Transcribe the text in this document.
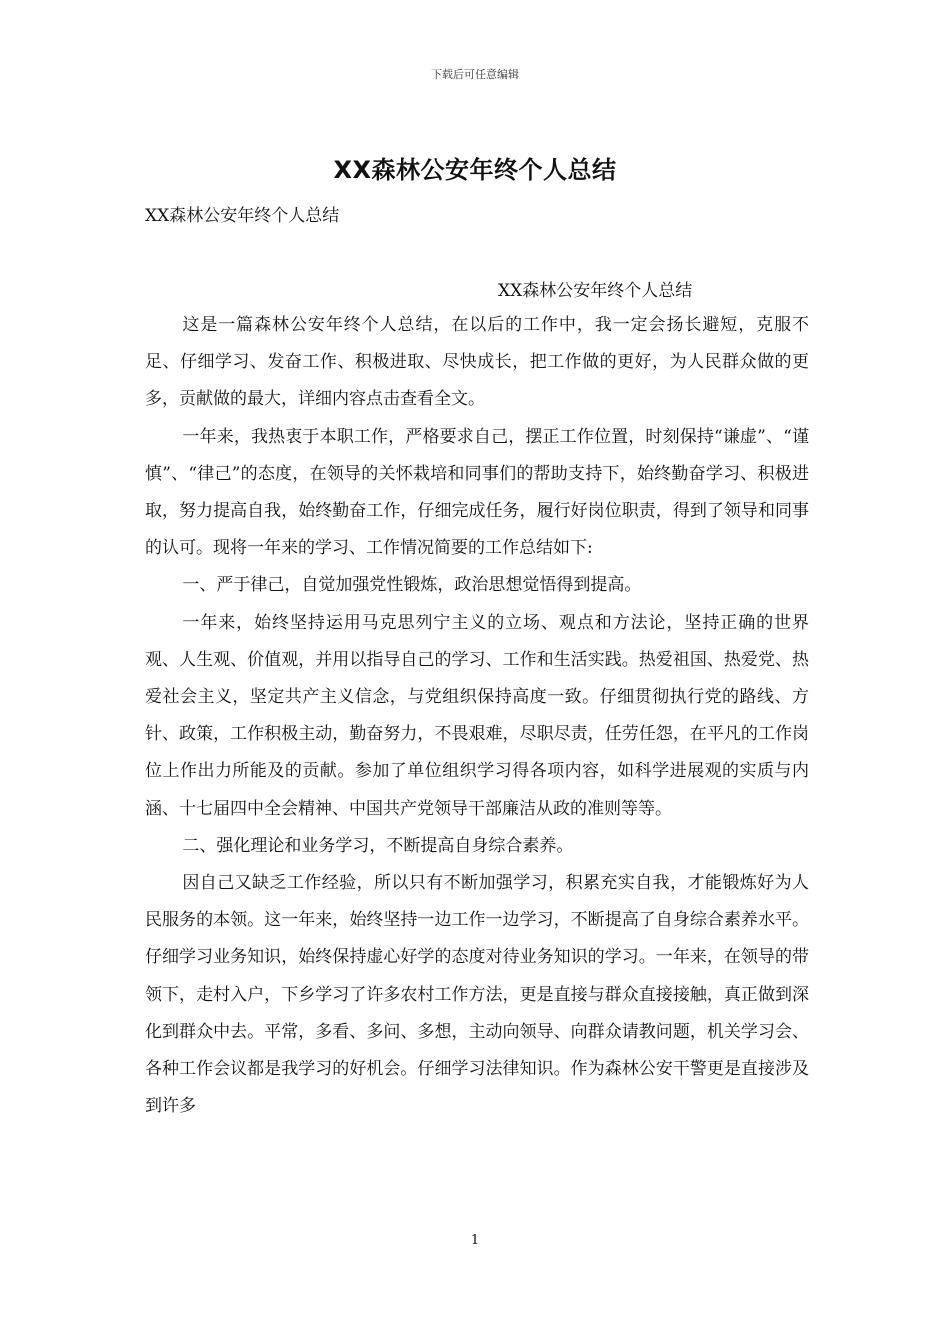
下载后可任意编辑
XX森林公安年终个人总结
XX森林公安年终个人总结
XX森林公安年终个人总结

这是一篇森林公安年终个人总结，在以后的工作中，我一定会扬长避短，克服不足、仔细学习、发奋工作、积极进取、尽快成长，把工作做的更好，为人民群众做的更多，贡献做的最大，详细内容点击查看全文。

一年来，我热衷于本职工作，严格要求自己，摆正工作位置，时刻保持“谦虚”、“谨慎”、“律己”的态度，在领导的关怀栽培和同事们的帮助支持下，始终勤奋学习、积极进取，努力提高自我，始终勤奋工作，仔细完成任务，履行好岗位职责，得到了领导和同事的认可。现将一年来的学习、工作情况简要的工作总结如下:

一、严于律己，自觉加强党性锻炼，政治思想觉悟得到提高。

一年来，始终坚持运用马克思列宁主义的立场、观点和方法论，坚持正确的世界观、人生观、价值观，并用以指导自己的学习、工作和生活实践。热爱祖国、热爱党、热爱社会主义，坚定共产主义信念，与党组织保持高度一致。仔细贯彻执行党的路线、方针、政策，工作积极主动，勤奋努力，不畏艰难，尽职尽责，任劳任怨，在平凡的工作岗位上作出力所能及的贡献。参加了单位组织学习得各项内容，如科学进展观的实质与内涵、十七届四中全会精神、中国共产党领导干部廉洁从政的准则等等。

二、强化理论和业务学习，不断提高自身综合素养。

因自己又缺乏工作经验，所以只有不断加强学习，积累充实自我，才能锻炼好为人民服务的本领。这一年来，始终坚持一边工作一边学习，不断提高了自身综合素养水平。仔细学习业务知识，始终保持虚心好学的态度对待业务知识的学习。一年来，在领导的带领下，走村入户，下乡学习了许多农村工作方法，更是直接与群众直接接触，真正做到深化到群众中去。平常，多看、多问、多想，主动向领导、向群众请教问题，机关学习会、各种工作会议都是我学习的好机会。仔细学习法律知识。作为森林公安干警更是直接涉及到许多

1
